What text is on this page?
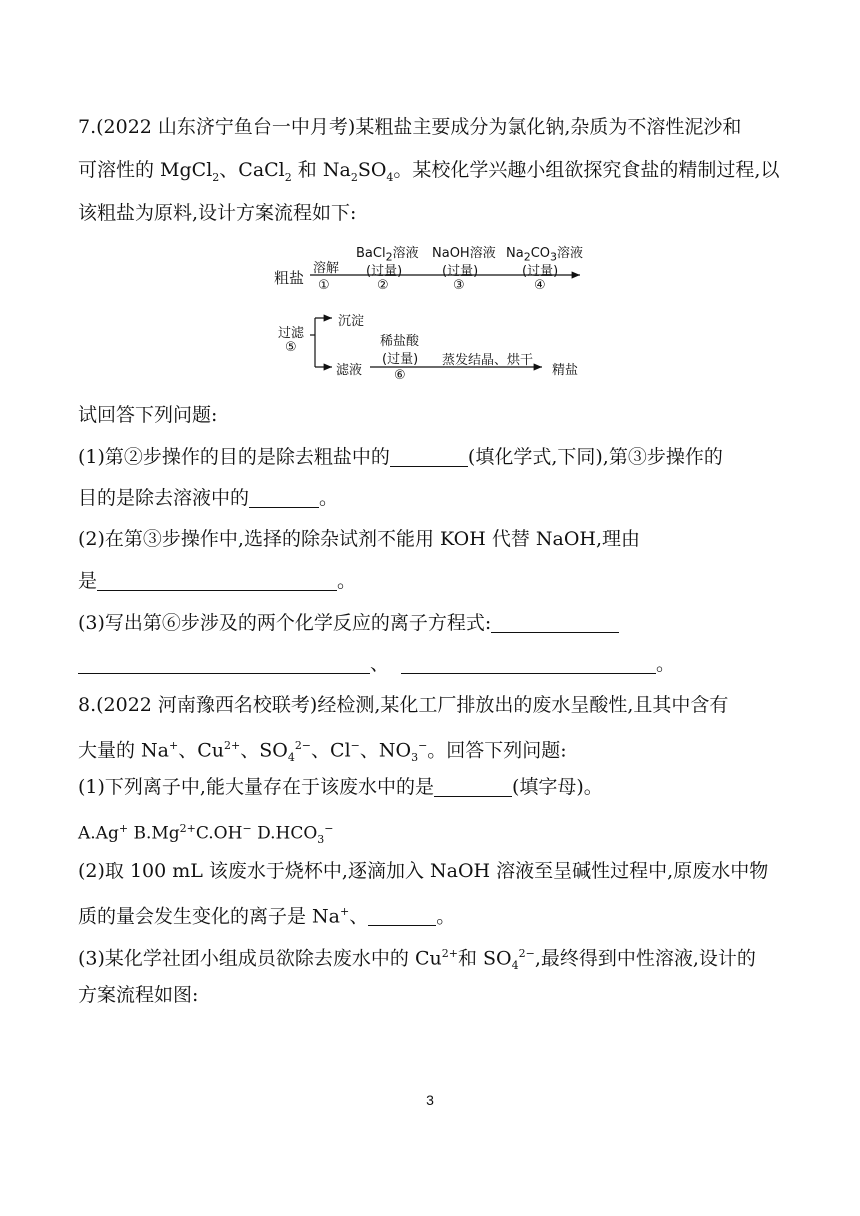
7.(2022 山东济宁鱼台一中月考)某粗盐主要成分为氯化钠,杂质为不溶性泥沙和
可溶性的 MgCl$_2$、CaCl$_2$ 和 $Na_2SO_4$。某校化学兴趣小组欲探究食盐的精制过程,以
该粗盐为原料,设计方案流程如下:
粗盐
溶解
①
BaCl$_2$溶液
(过量)
②
NaOH溶液
(过量)
③
$Na_2CO_3$溶液
(过量)
④
过滤
⑤
沉淀
滤液
稀盐酸
(过量)
⑥
蒸发结晶、烘干
精盐
试回答下列问题:
(1)第②步操作的目的是除去粗盐中的	(填化学式,下同),第③步操作的
目的是除去溶液中的	。
(2)在第③步操作中,选择的除杂试剂不能用 KOH 代替 NaOH,理由
是	。
(3)写出第⑥步涉及的两个化学反应的离子方程式:
、	。
8.(2022 河南豫西名校联考)经检测,某化工厂排放出的废水呈酸性,且其中含有
大量的 Na+、$Cu^{2+}$、$SO_4^{2-}$、Cl−、$NO_3^-$。回答下列问题:
(1)下列离子中,能大量存在于该废水中的是	(填字母)。
A.Ag+ $B.Mg^{2+}C.OH^-$ $D.HCO_3^-$
(2)取 100 mL 该废水于烧杯中,逐滴加入 NaOH 溶液至呈碱性过程中,原废水中物
质的量会发生变化的离子是 Na+、	。
(3)某化学社团小组成员欲除去废水中的 $Cu^{2+}$和 $SO_4^{2-}$,最终得到中性溶液,设计的
方案流程如图:
3
